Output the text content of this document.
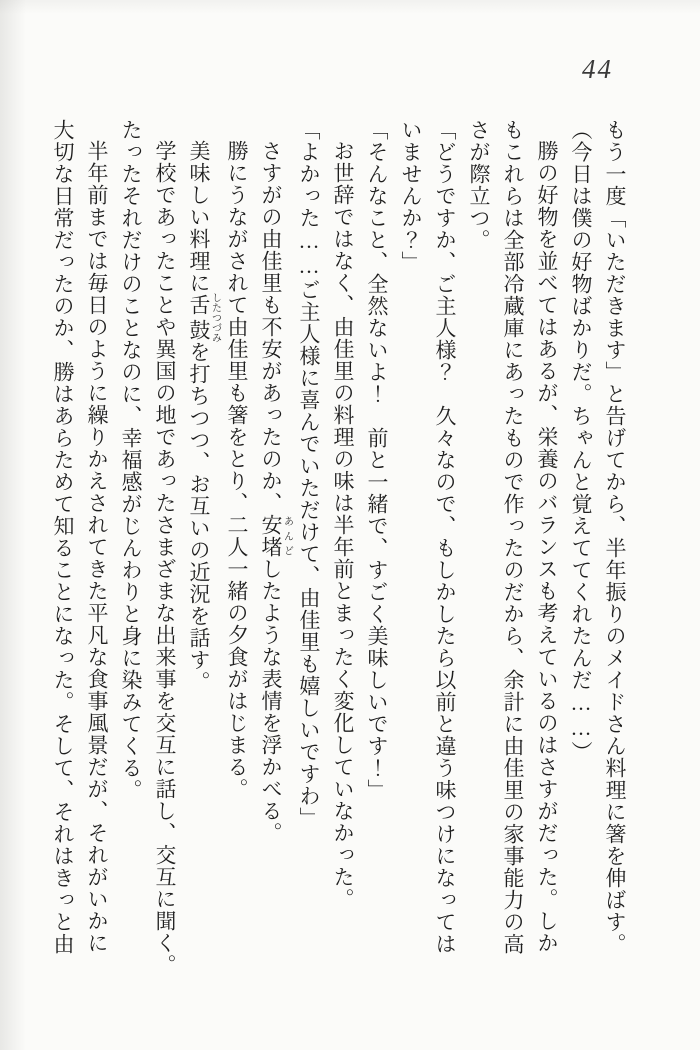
44

もう一度「いただきます」と告げてから、半年振りのメイドさん料理に箸を伸ばす。

（今日は僕の好物ばかりだ。ちゃんと覚えててくれたんだ……）

勝の好物を並べてはあるが、栄養のバランスも考えているのはさすがだった。しか
もこれらは全部冷蔵庫にあったもので作ったのだから、余計に由佳里の家事能力の高
さが際立つ。

「どうですか、ご主人様？　久々なので、もしかしたら以前と違う味つけになっては
いませんか？」

「そんなこと、全然ないよ！　前と一緒で、すごく美味しいです！」

お世辞ではなく、由佳里の料理の味は半年前とまったく変化していなかった。

「よかった……ご主人様に喜んでいただけて、由佳里も嬉しいですわ」

さすがの由佳里も不安があったのか、安堵あんどしたような表情を浮かべる。

勝にうながされて由佳里も箸をとり、二人一緒の夕食がはじまる。

美味しい料理に舌鼓したつづみを打ちつつ、お互いの近況を話す。

学校であったことや異国の地であったさまざまな出来事を交互に話し、交互に聞く。

たったそれだけのことなのに、幸福感がじんわりと身に染みてくる。

半年前までは毎日のように繰りかえされてきた平凡な食事風景だが、それがいかに
大切な日常だったのか、勝はあらためて知ることになった。そして、それはきっと由
